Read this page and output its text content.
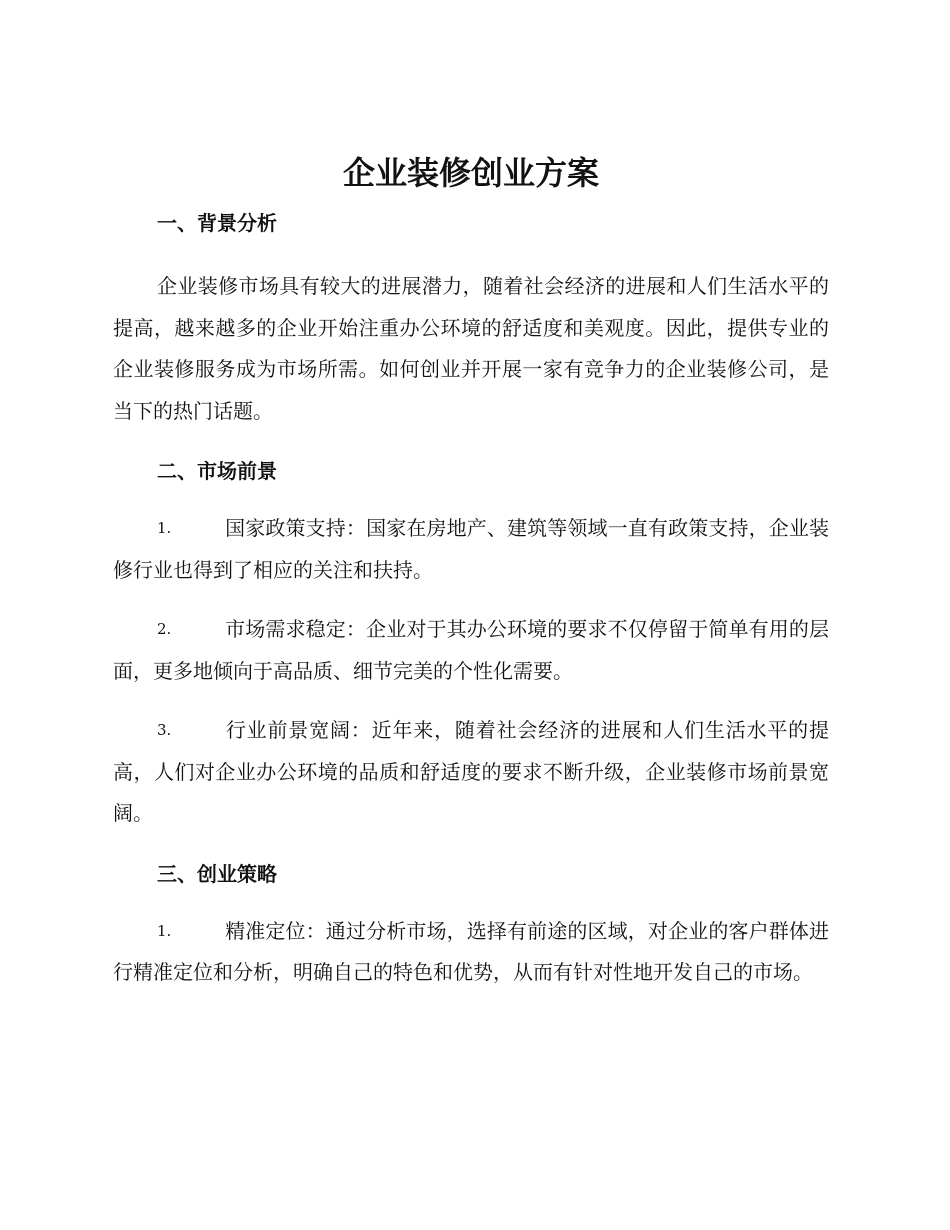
企业装修创业方案
一、背景分析

企业装修市场具有较大的进展潜力，随着社会经济的进展和人们生活水平的提高，越来越多的企业开始注重办公环境的舒适度和美观度。因此，提供专业的企业装修服务成为市场所需。如何创业并开展一家有竞争力的企业装修公司，是当下的热门话题。

二、市场前景

1.	国家政策支持：国家在房地产、建筑等领域一直有政策支持，企业装修行业也得到了相应的关注和扶持。

2.	市场需求稳定：企业对于其办公环境的要求不仅停留于简单有用的层面，更多地倾向于高品质、细节完美的个性化需要。

3.	行业前景宽阔：近年来，随着社会经济的进展和人们生活水平的提高，人们对企业办公环境的品质和舒适度的要求不断升级，企业装修市场前景宽阔。

三、创业策略

1.	精准定位：通过分析市场，选择有前途的区域，对企业的客户群体进行精准定位和分析，明确自己的特色和优势，从而有针对性地开发自己的市场。
